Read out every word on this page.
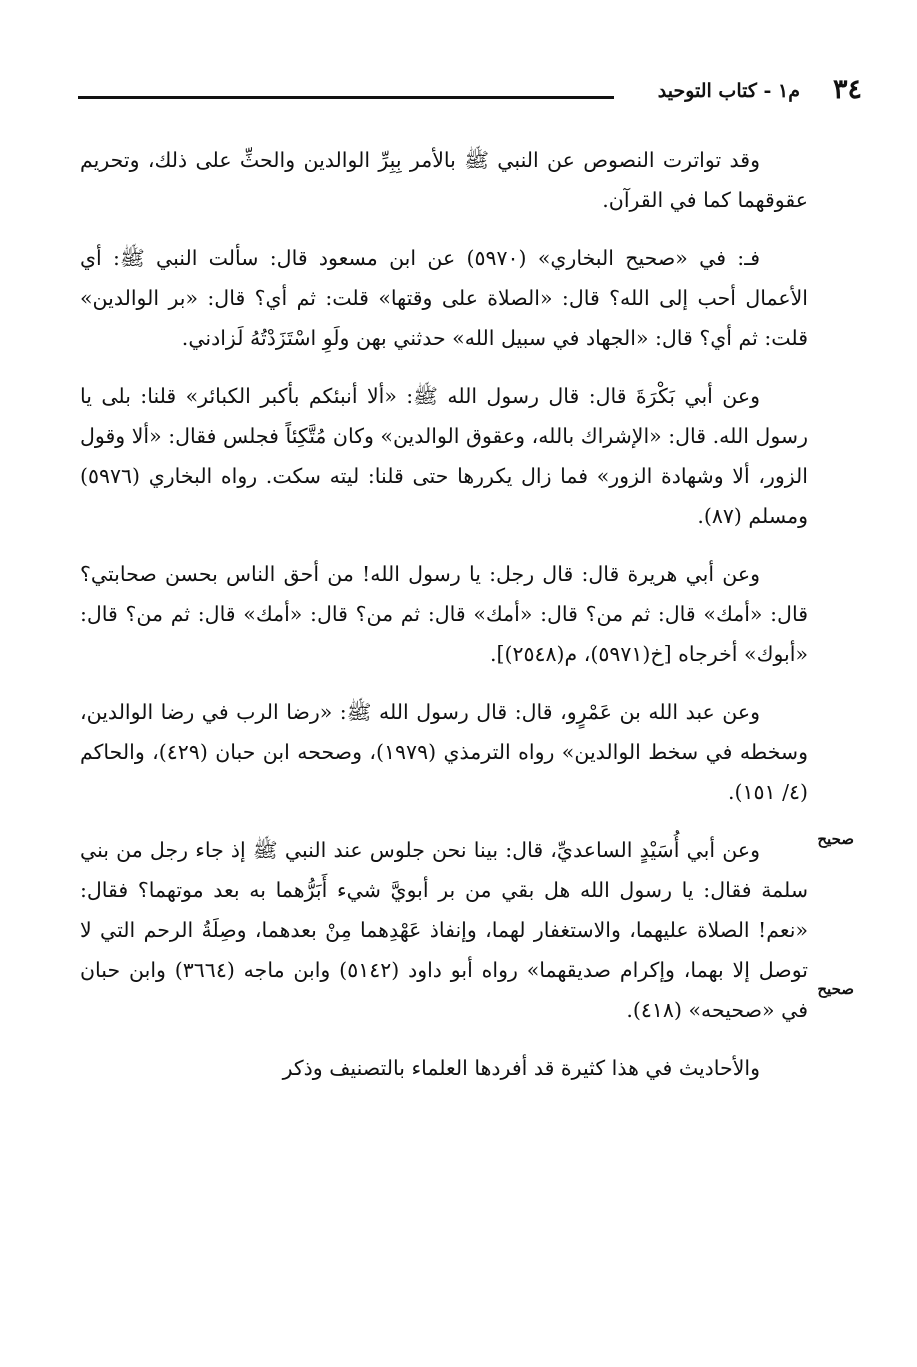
٣٤
م١ - كتاب التوحيد
صحيح
صحيح

وقد تواترت النصوص عن النبي ﷺ بالأمر بِبِرِّ الوالدين والحثِّ على ذلك، وتحريم عقوقهما كما في القرآن.

فـ: في «صحيح البخاري» (٥٩٧٠) عن ابن مسعود قال: سألت النبي ﷺ: أي الأعمال أحب إلى الله؟ قال: «الصلاة على وقتها» قلت: ثم أي؟ قال: «بر الوالدين» قلت: ثم أي؟ قال: «الجهاد في سبيل الله» حدثني بهن ولَوِ اسْتَزَدْتُهُ لَزادني.

وعن أبي بَكْرَةَ قال: قال رسول الله ﷺ: «ألا أنبئكم بأكبر الكبائر» قلنا: بلى يا رسول الله. قال: «الإشراك بالله، وعقوق الوالدين» وكان مُتَّكِئاً فجلس فقال: «ألا وقول الزور، ألا وشهادة الزور» فما زال يكررها حتى قلنا: ليته سكت. رواه البخاري (٥٩٧٦) ومسلم (٨٧).

وعن أبي هريرة قال: قال رجل: يا رسول الله! من أحق الناس بحسن صحابتي؟ قال: «أمك» قال: ثم من؟ قال: «أمك» قال: ثم من؟ قال: «أمك» قال: ثم من؟ قال: «أبوك» أخرجاه [خ(٥٩٧١)، م(٢٥٤٨)].

وعن عبد الله بن عَمْرٍو، قال: قال رسول الله ﷺ: «رضا الرب في رضا الوالدين، وسخطه في سخط الوالدين» رواه الترمذي (١٩٧٩)، وصححه ابن حبان (٤٢٩)، والحاكم (٤/ ١٥١).

وعن أبي أُسَيْدٍ الساعديِّ، قال: بينا نحن جلوس عند النبي ﷺ إذ جاء رجل من بني سلمة فقال: يا رسول الله هل بقي من بر أبويَّ شيء أَبَرُّهما به بعد موتهما؟ فقال: «نعم! الصلاة عليهما، والاستغفار لهما، وإنفاذ عَهْدِهما مِنْ بعدهما، وصِلَةُ الرحم التي لا توصل إلا بهما، وإكرام صديقهما» رواه أبو داود (٥١٤٢) وابن ماجه (٣٦٦٤) وابن حبان في «صحيحه» (٤١٨).

والأحاديث في هذا كثيرة قد أفردها العلماء بالتصنيف وذكر
